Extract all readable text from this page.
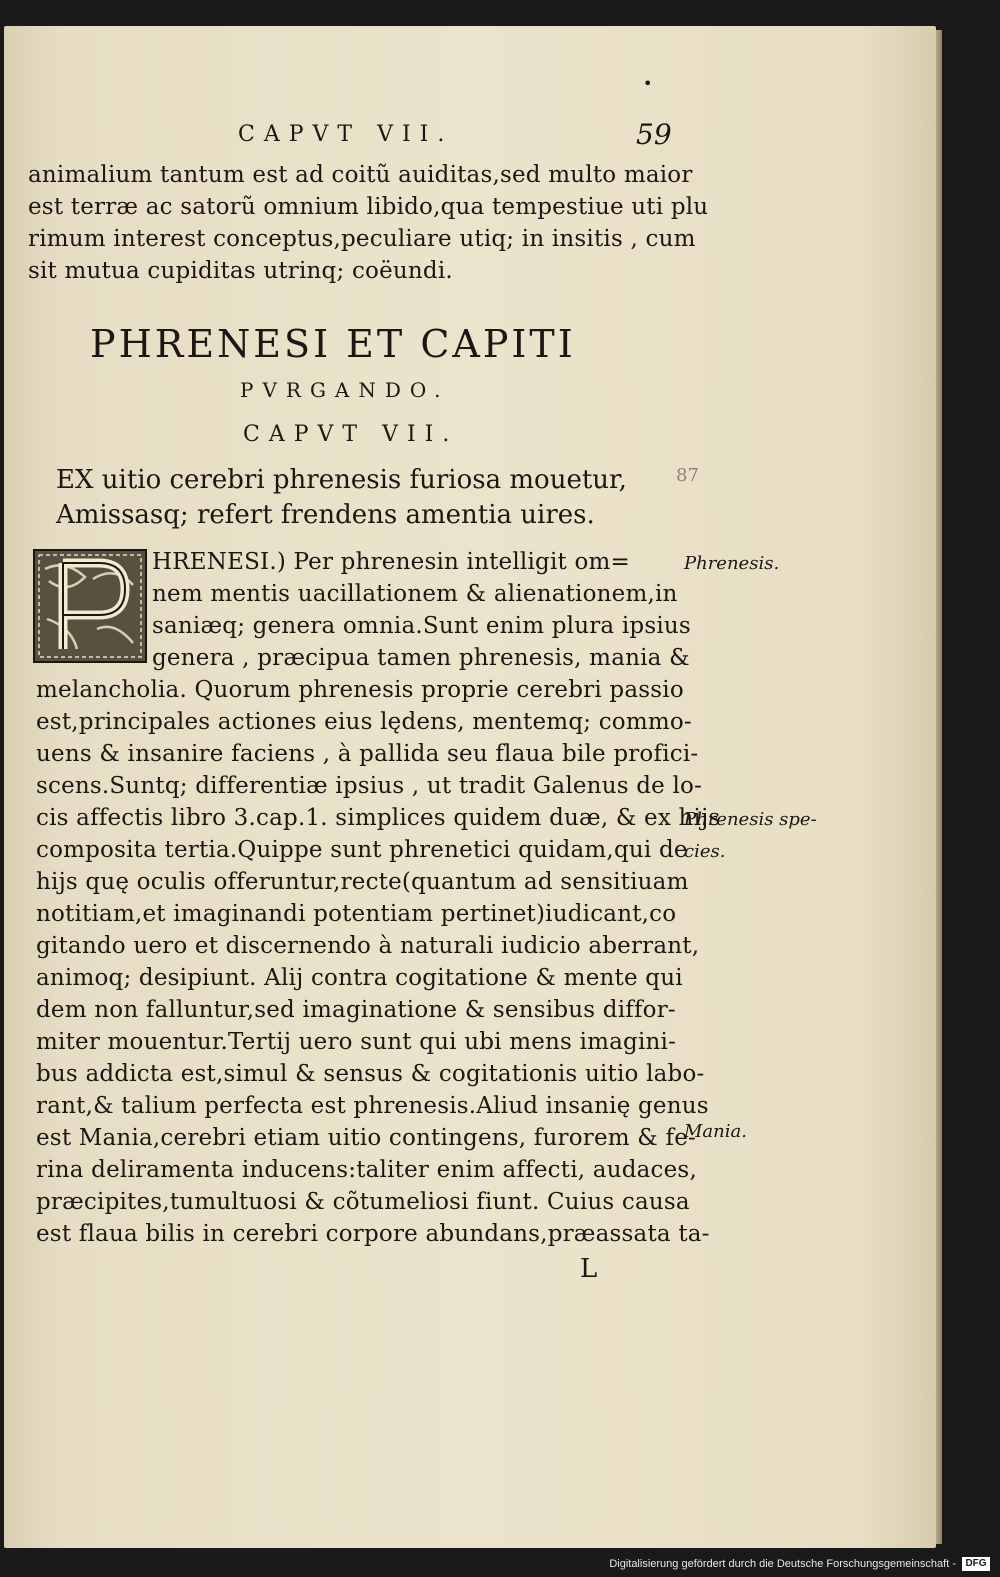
•
CAPVT VII.	59
animalium tantum est ad coitũ auiditas,sed multo maior
est terræ ac satorũ omnium libido,qua tempestiue uti plu
rimum interest conceptus,peculiare utiq; in insitis , cum
sit mutua cupiditas utrinq; coëundi.
PHRENESI ET CAPITI
PVRGANDO.
CAPVT VII.
EX uitio cerebri phrenesis furiosa mouetur,
Amissasq; refert frendens amentia uires.
87
HRENESI.) Per phrenesin intelligit om=
nem mentis uacillationem & alienationem,in
saniæq; genera omnia.Sunt enim plura ipsius
genera , præcipua tamen phrenesis, mania &
melancholia. Quorum phrenesis proprie cerebri passio
est,principales actiones eius lędens, mentemq; commo-
uens & insanire faciens , à pallida seu flaua bile profici-
scens.Suntq; differentiæ ipsius , ut tradit Galenus de lo-
cis affectis libro 3.cap.1. simplices quidem duæ, & ex hijs
composita tertia.Quippe sunt phrenetici quidam,qui de
hijs quę oculis offeruntur,recte(quantum ad sensitiuam
notitiam,et imaginandi potentiam pertinet)iudicant,co
gitando uero et discernendo à naturali iudicio aberrant,
animoq; desipiunt. Alij contra cogitatione & mente qui
dem non falluntur,sed imaginatione & sensibus diffor-
miter mouentur.Tertij uero sunt qui ubi mens imagini-
bus addicta est,simul & sensus & cogitationis uitio labo-
rant,& talium perfecta est phrenesis.Aliud insanię genus
est Mania,cerebri etiam uitio contingens, furorem & fe-
rina deliramenta inducens:taliter enim affecti, audaces,
præcipites,tumultuosi & cõtumeliosi fiunt. Cuius causa
est flaua bilis in cerebri corpore abundans,præassata ta-
L
Phrenesis.
Phrenesis spe-
cies.
Mania.
Digitalisierung gefördert durch die Deutsche Forschungsgemeinschaft - DFG
